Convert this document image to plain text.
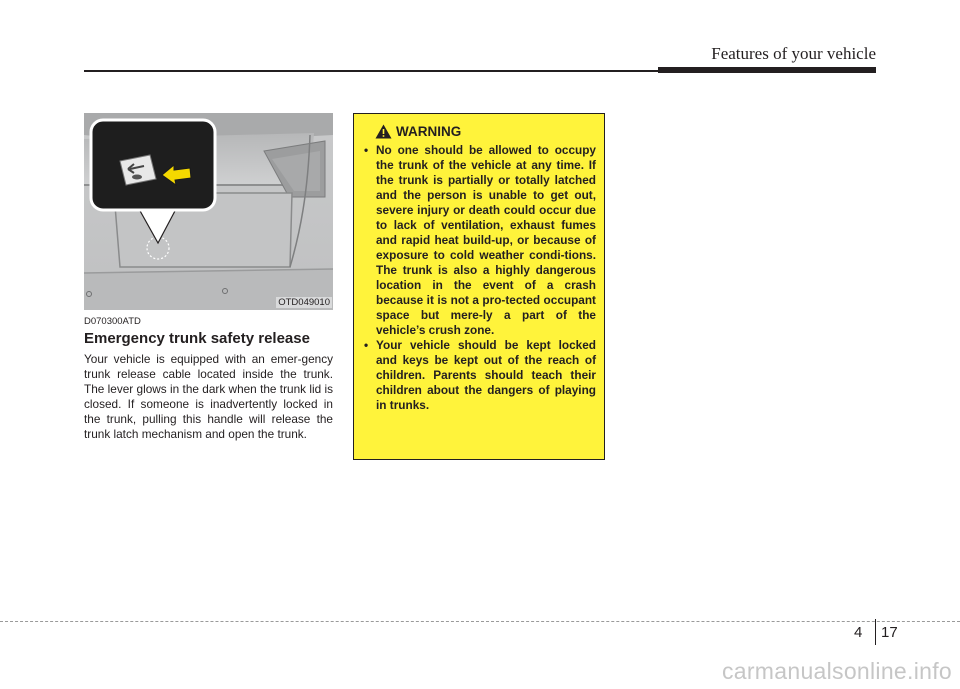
Features of your vehicle
OTD049010
D070300ATD
Emergency trunk safety release
Your vehicle is equipped with an emer-gency trunk release cable located inside the trunk. The lever glows in the dark when the trunk lid is closed. If someone is inadvertently locked in the trunk, pulling this handle will release the trunk latch mechanism and open the trunk.
WARNING
• No one should be allowed to occupy the trunk of the vehicle at any time. If the trunk is partially or totally latched and the person is unable to get out, severe injury or death could occur due to lack of ventilation, exhaust fumes and rapid heat build-up, or because of exposure to cold weather condi-tions. The trunk is also a highly dangerous location in the event of a crash because it is not a pro-tected occupant space but mere-ly a part of the vehicle’s crush zone.
• Your vehicle should be kept locked and keys be kept out of the reach of children. Parents should teach their children about the dangers of playing in trunks.
4 17
carmanualsonline.info
